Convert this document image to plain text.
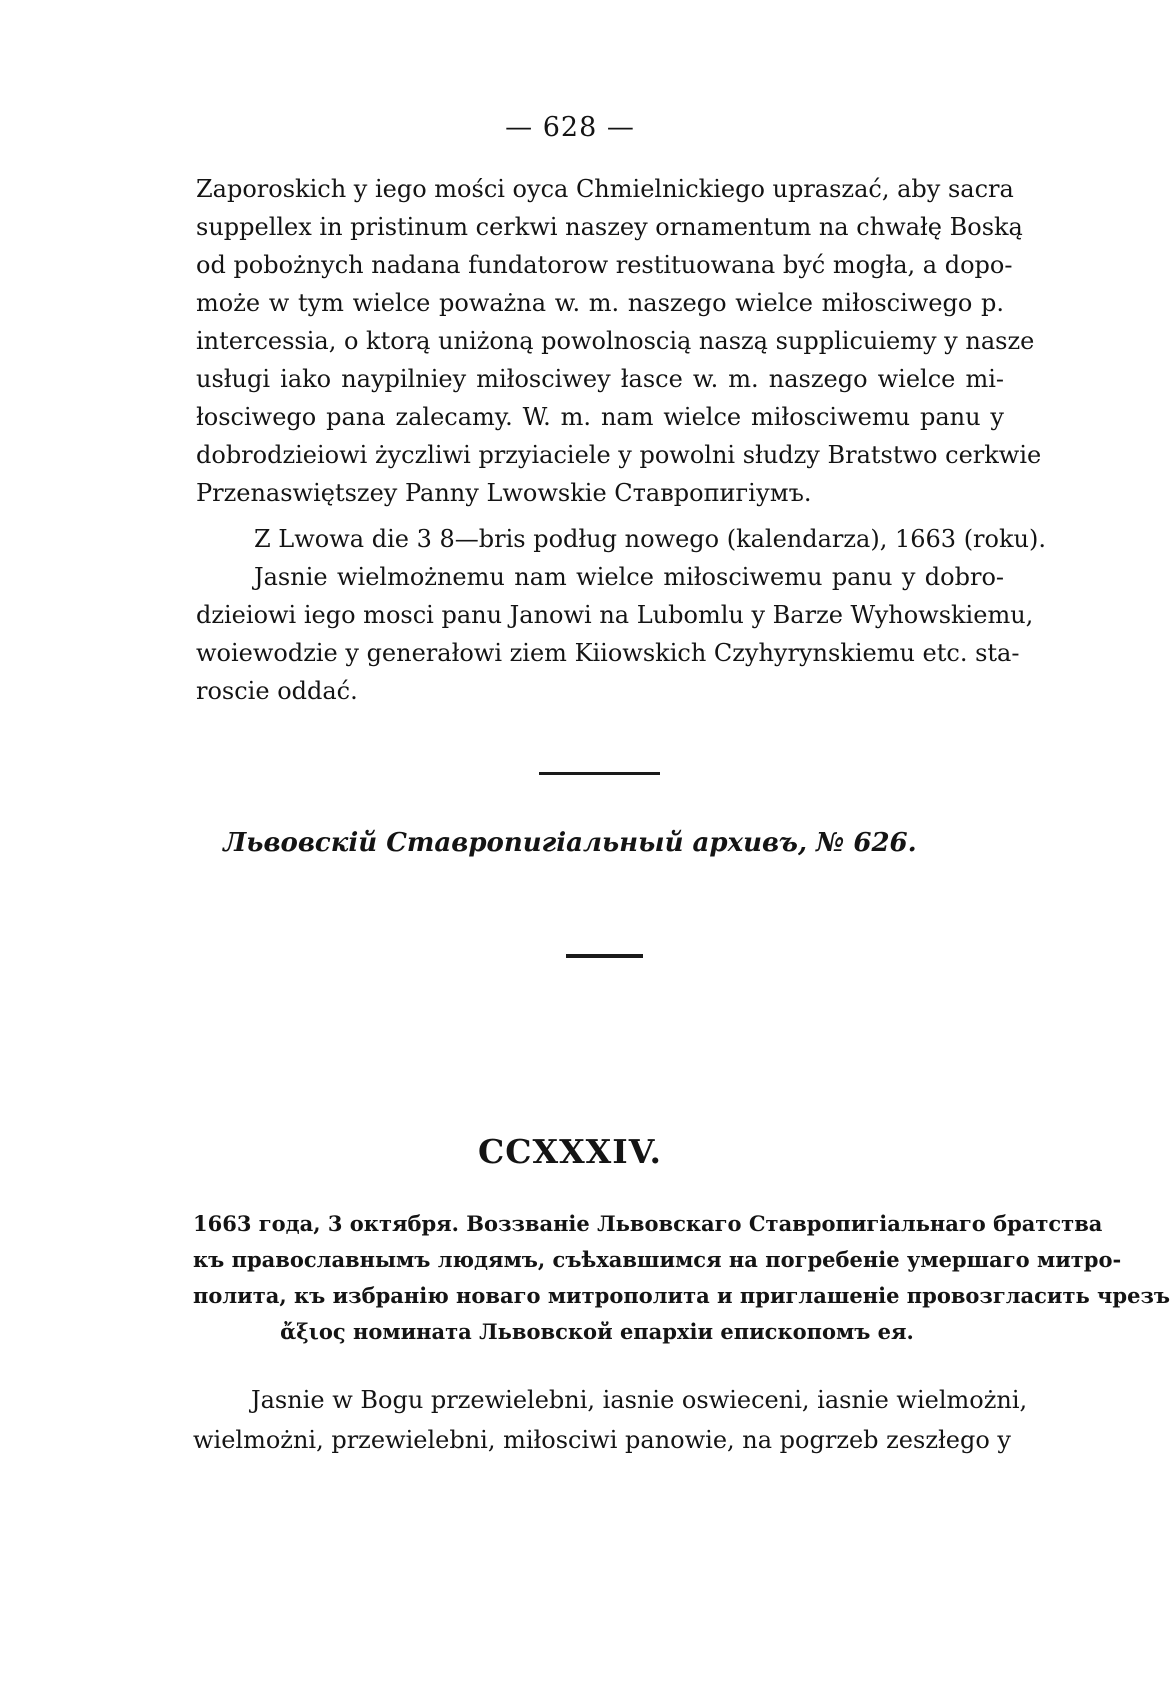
— 628 —
Zaporoskich y iego mości oyca Chmielnickiego upraszać, aby sacra
suppellex in pristinum cerkwi naszey ornamentum na chwałę Boską
od pobożnych nadana fundatorow restituowana być mogła, a dopo-
może w tym wielce poważna w. m. naszego wielce miłosciwego p.
intercessia, o ktorą uniżoną powolnoscią naszą supplicuiemy y nasze
usługi iako naypilniey miłosciwey łasce w. m. naszego wielce mi-
łosciwego pana zalecamy. W. m. nam wielce miłosciwemu panu y
dobrodzieiowi życzliwi przyiaciele y powolni słudzy Bratstwo cerkwie
Przenaswiętszey Panny Lwowskie Ставропигіумъ.
Z Lwowa die 3 8—bris podług nowego (kalendarza), 1663 (roku).
Jasnie wielmożnemu nam wielce miłosciwemu panu y dobro-
dzieiowi iego mosci panu Janowi na Lubomlu y Barze Wyhowskiemu,
woiewodzie y generałowi ziem Kiiowskich Czyhyrynskiemu etc. sta-
roscie oddać.
Львовскій Ставропигіальный архивъ, № 626.
CCXXXIV.
1663 года, 3 октября. Воззваніе Львовскаго Ставропигіальнаго братства
къ православнымъ людямъ, съѣхавшимся на погребеніе умершаго митро-
полита, къ избранію новаго митрополита и приглашеніе провозгласить чрезъ
ἄξιος номината Львовской епархіи епископомъ ея.
Jasnie w Bogu przewielebni, iasnie oswieceni, iasnie wielmożni,
wielmożni, przewielebni, miłosciwi panowie, na pogrzeb zeszłego y
